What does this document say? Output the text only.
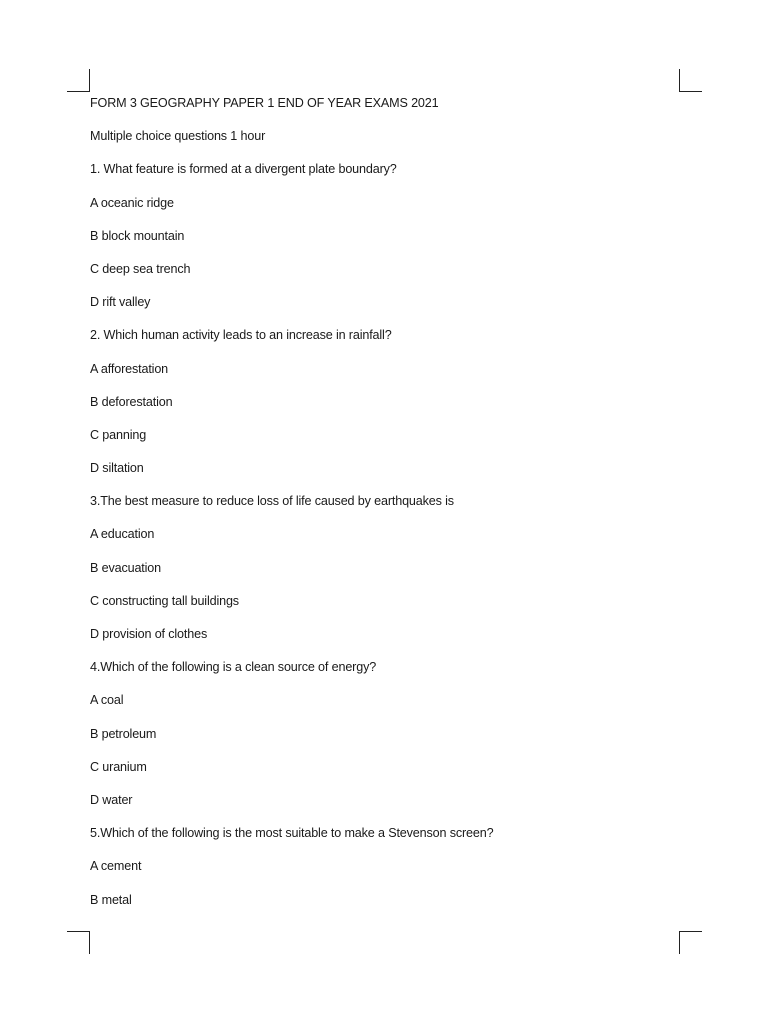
FORM 3 GEOGRAPHY PAPER 1 END OF YEAR EXAMS 2021
Multiple choice questions 1 hour
1. What feature is formed at a divergent plate boundary?
A oceanic ridge
B block mountain
C deep sea trench
D rift valley
2. Which human activity leads to an increase in rainfall?
A afforestation
B deforestation
C panning
D siltation
3.The best measure to reduce loss of life caused by earthquakes is
A education
B evacuation
C constructing tall buildings
D provision of clothes
4.Which of the following is a clean source of energy?
A coal
B petroleum
C uranium
D water
5.Which of the following is the most suitable to make a Stevenson screen?
A cement
B metal
